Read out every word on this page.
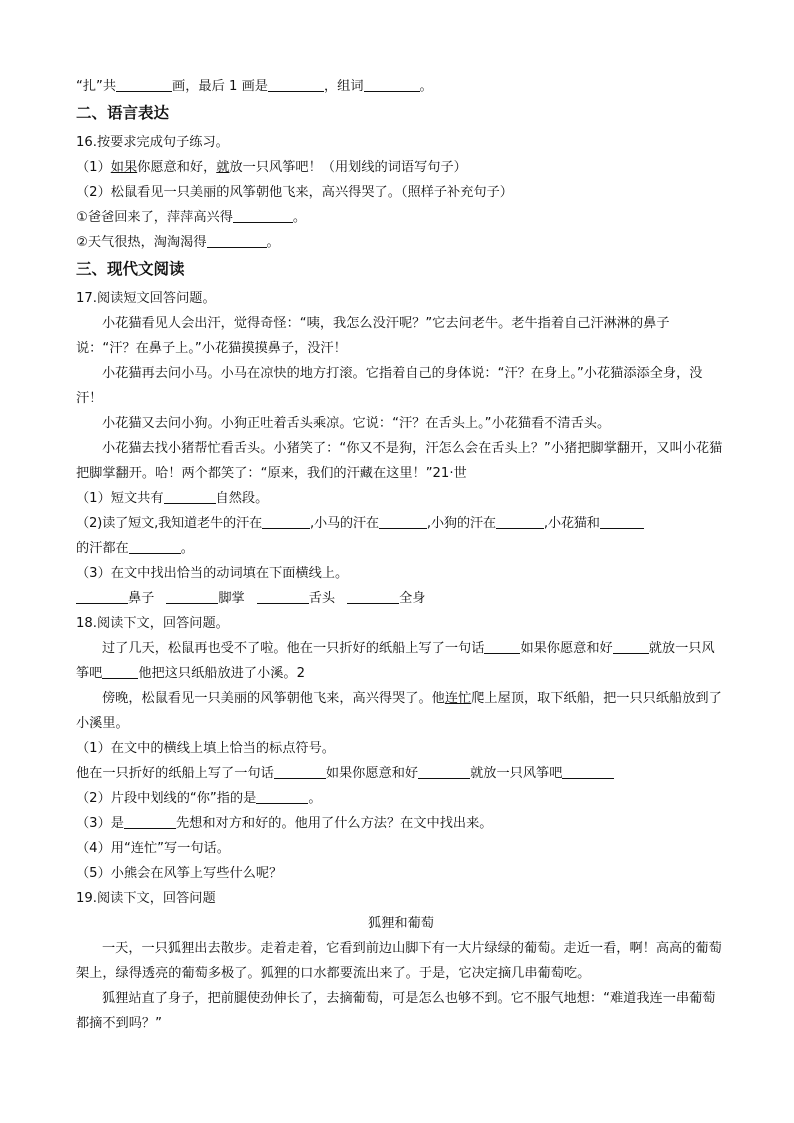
“扎”共	画，最后 1 画是	，组词	。
二、语言表达
16.按要求完成句子练习。
（1）如果你愿意和好，就放一只风筝吧！（用划线的词语写句子）
（2）松鼠看见一只美丽的风筝朝他飞来，高兴得哭了。（照样子补充句子）
①爸爸回来了，萍萍高兴得	。
②天气很热，淘淘渴得	。
三、现代文阅读
17.阅读短文回答问题。
小花猫看见人会出汗，觉得奇怪：“咦，我怎么没汗呢？”它去问老牛。老牛指着自己汗淋淋的鼻子说：“汗？在鼻子上。”小花猫摸摸鼻子，没汗！
小花猫再去问小马。小马在凉快的地方打滚。它指着自己的身体说：“汗？在身上。”小花猫添添全身，没汗！
小花猫又去问小狗。小狗正吐着舌头乘凉。它说：“汗？在舌头上。”小花猫看不清舌头。
小花猫去找小猪帮忙看舌头。小猪笑了：“你又不是狗，汗怎么会在舌头上？”小猪把脚掌翻开，又叫小花猫把脚掌翻开。哈！两个都笑了：“原来，我们的汗藏在这里！”21·世
（1）短文共有	自然段。
（2)读了短文,我知道老牛的汗在	,小马的汗在	,小狗的汗在	,小花猫和
的汗都在	。
（3）在文中找出恰当的动词填在下面横线上。
鼻子	脚掌	舌头	全身
18.阅读下文，回答问题。
过了几天，松鼠再也受不了啦。他在一只折好的纸船上写了一句话	如果你愿意和好	就放一只风筝吧	他把这只纸船放进了小溪。2
傍晚，松鼠看见一只美丽的风筝朝他飞来，高兴得哭了。他连忙爬上屋顶，取下纸船，把一只只纸船放到了小溪里。
（1）在文中的横线上填上恰当的标点符号。
他在一只折好的纸船上写了一句话	如果你愿意和好	就放一只风筝吧
（2）片段中划线的“你”指的是	。
（3）是	先想和对方和好的。他用了什么方法？在文中找出来。
（4）用“连忙”写一句话。
（5）小熊会在风筝上写些什么呢？
19.阅读下文，回答问题
狐狸和葡萄
一天，一只狐狸出去散步。走着走着，它看到前边山脚下有一大片绿绿的葡萄。走近一看，啊！高高的葡萄架上，绿得透亮的葡萄多极了。狐狸的口水都要流出来了。于是，它决定摘几串葡萄吃。
狐狸站直了身子，把前腿使劲伸长了，去摘葡萄，可是怎么也够不到。它不服气地想：“难道我连一串葡萄都摘不到吗？”
